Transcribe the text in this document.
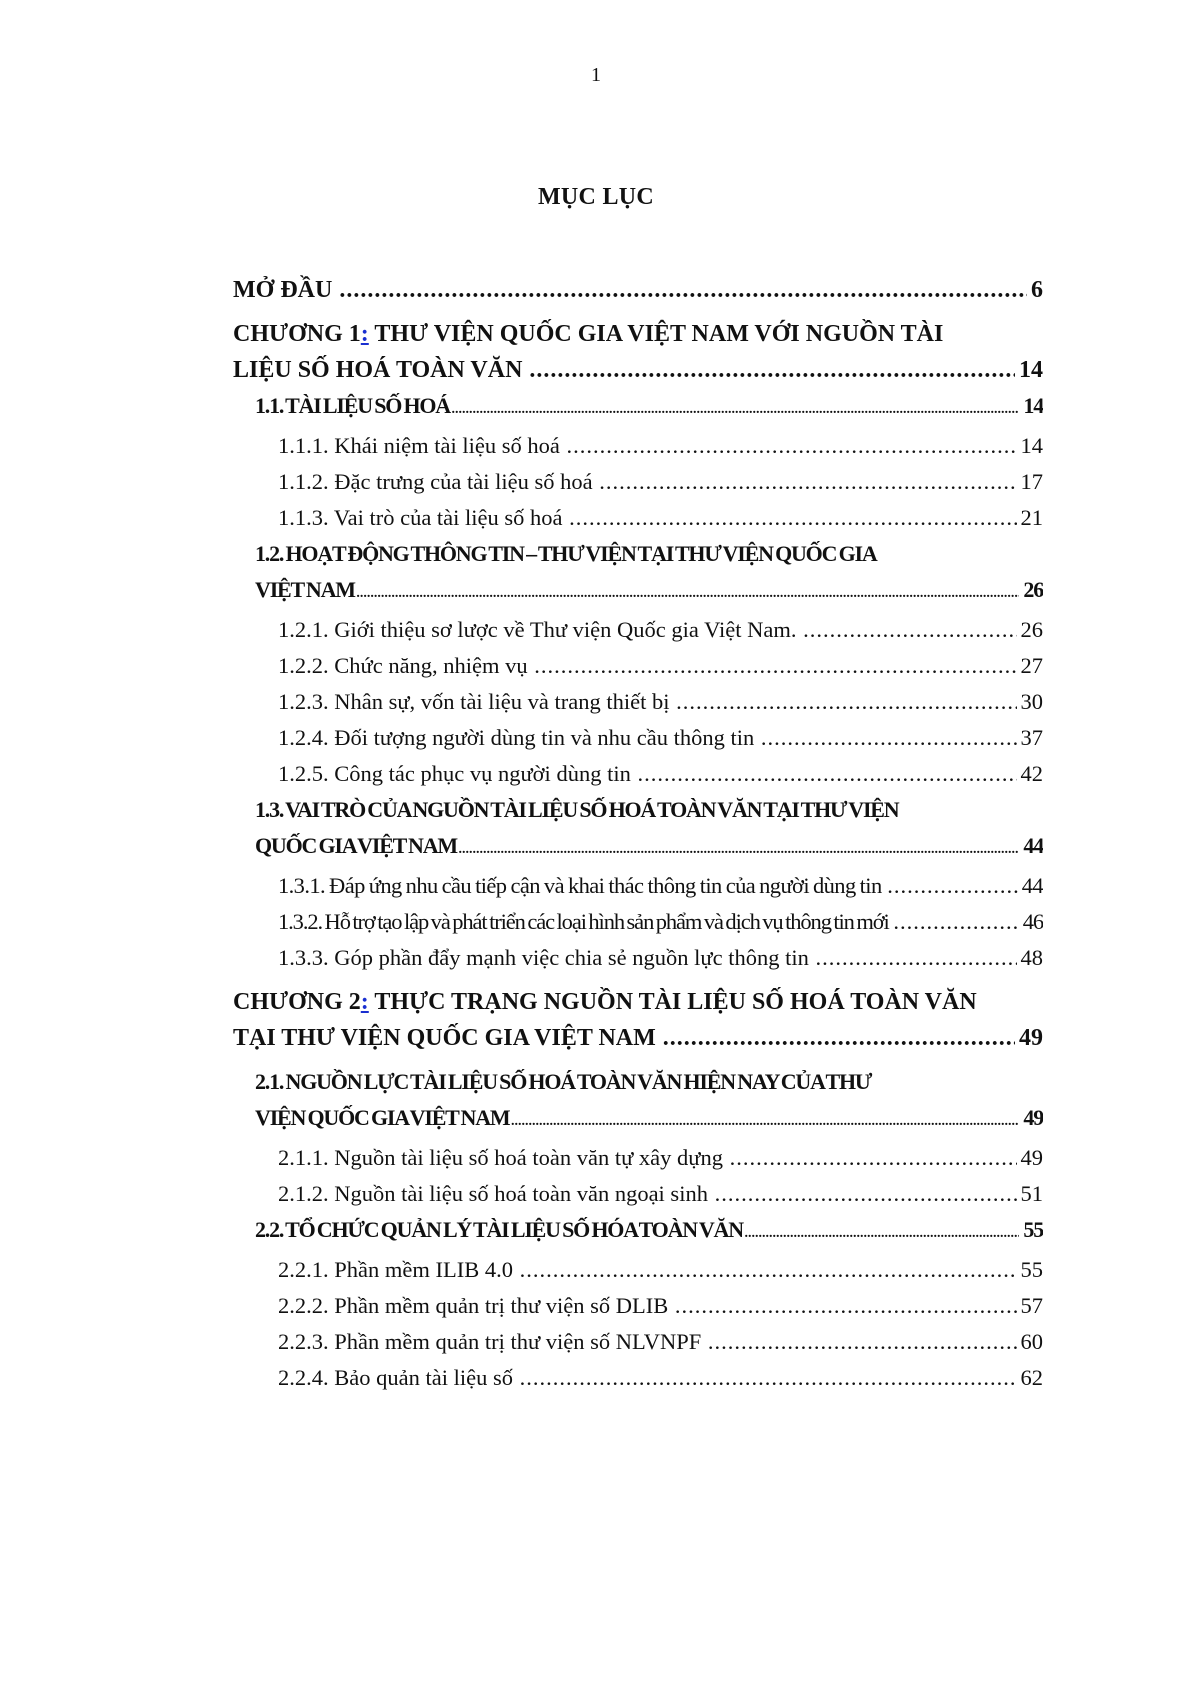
1
MỤC LỤC
MỞ ĐẦU .....	6
CHƯƠNG 1: THƯ VIỆN QUỐC GIA VIỆT NAM VỚI NGUỒN TÀI
LIỆU SỐ HOÁ TOÀN VĂN .....	14
1.1. TÀI LIỆU SỐ HOÁ .....	14
1.1.1. Khái niệm tài liệu số hoá .....	14
1.1.2. Đặc trưng của tài liệu số hoá .....	17
1.1.3. Vai trò của tài liệu số hoá .....	21
1.2. HOẠT ĐỘNG THÔNG TIN – THƯ VIỆN TẠI THƯ VIỆN QUỐC GIA
VIỆT NAM .....	26
1.2.1. Giới thiệu sơ lược về Thư viện Quốc gia Việt Nam. .....	26
1.2.2. Chức năng, nhiệm vụ .....	27
1.2.3. Nhân sự, vốn tài liệu và trang thiết bị .....	30
1.2.4. Đối tượng người dùng tin và nhu cầu thông tin .....	37
1.2.5. Công tác phục vụ người dùng tin .....	42
1.3. VAI TRÒ CỦA NGUỒN TÀI LIỆU SỐ HOÁ TOÀN VĂN TẠI THƯ VIỆN
QUỐC GIA VIỆT NAM .....	44
1.3.1. Đáp ứng nhu cầu tiếp cận và khai thác thông tin của người dùng tin .....	44
1.3.2. Hỗ trợ tạo lập và phát triển các loại hình sản phẩm và dịch vụ thông tin mới .....	46
1.3.3. Góp phần đẩy mạnh việc chia sẻ nguồn lực thông tin .....	48
CHƯƠNG 2: THỰC TRẠNG NGUỒN TÀI LIỆU SỐ HOÁ TOÀN VĂN
TẠI THƯ VIỆN QUỐC GIA VIỆT NAM .....	49
2.1. NGUỒN LỰC TÀI LIỆU SỐ HOÁ TOÀN VĂN HIỆN NAY CỦA THƯ
VIỆN QUỐC GIA VIỆT NAM .....	49
2.1.1. Nguồn tài liệu số hoá toàn văn tự xây dựng .....	49
2.1.2. Nguồn tài liệu số hoá toàn văn ngoại sinh .....	51
2.2. TỔ CHỨC QUẢN LÝ TÀI LIỆU SỐ HÓA TOÀN VĂN .....	55
2.2.1. Phần mềm ILIB 4.0 .....	55
2.2.2. Phần mềm quản trị thư viện số DLIB .....	57
2.2.3. Phần mềm quản trị thư viện số NLVNPF .....	60
2.2.4. Bảo quản tài liệu số .....	62
